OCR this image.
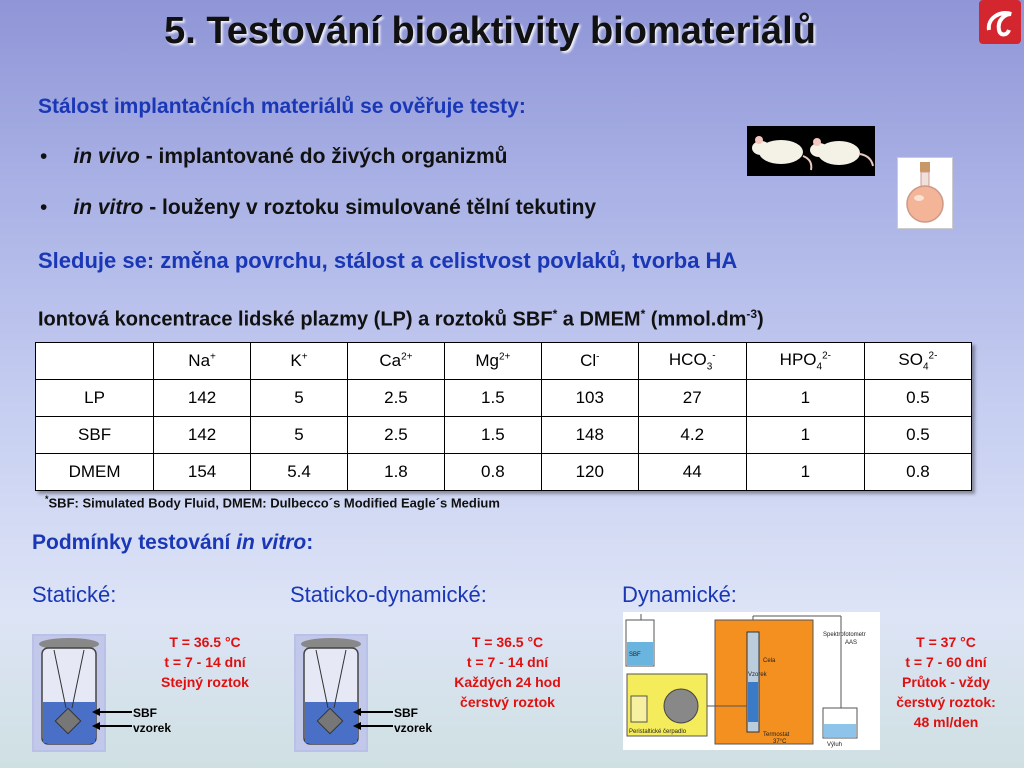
5. Testování bioaktivity biomateriálů
Stálost implantačních materiálů se ověřuje testy:
• in vivo - implantované do živých organizmů
• in vitro - louženy v roztoku simulované tělní tekutiny
Sleduje se: změna povrchu, stálost a celistvost povlaků, tvorba HA
Iontová koncentrace lidské plazmy (LP) a roztoků SBF* a DMEM* $(mmol.dm^{-3})$
	Na+	K+	$Ca^{2+}$	$Mg^{2+}$	Cl-	$HCO_3^-$	$HPO_4^{2-}$	$SO_4^{2-}$
LP	142	5	2.5	1.5	103	27	1	0.5
SBF	142	5	2.5	1.5	148	4.2	1	0.5
DMEM	154	5.4	1.8	0.8	120	44	1	0.8
*SBF: Simulated Body Fluid, DMEM: Dulbecco´s Modified Eagle´s Medium
Podmínky testování in vitro:
Statické:	Staticko-dynamické:	Dynamické:
SBF
vzorek
T = 36.5 °C
t = 7 - 14 dní
Stejný roztok
SBF
vzorek
T = 36.5 °C
t = 7 - 14 dní
Každých 24 hod
čerstvý roztok
SBF
Peristaltické čerpadlo
Cela
Vzorek
Termostat
37°C
Spektrofotometr
AAS
Výluh
T = 37 °C
t = 7 - 60 dní
Průtok - vždy
čerstvý roztok:
48 ml/den
